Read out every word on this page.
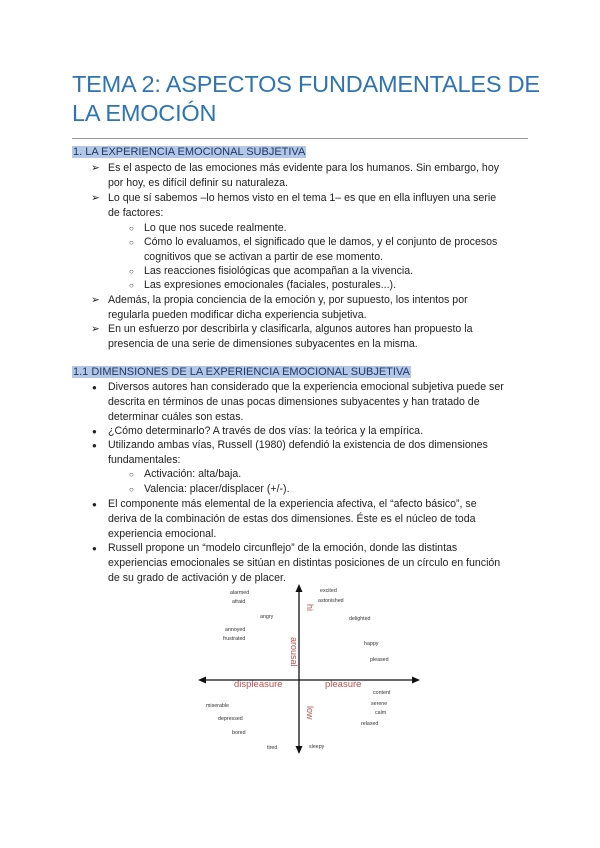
TEMA 2: ASPECTOS FUNDAMENTALES DE
LA EMOCIÓN
1. LA EXPERIENCIA EMOCIONAL SUBJETIVA
➢ Es el aspecto de las emociones más evidente para los humanos. Sin embargo, hoy
por hoy, es difícil definir su naturaleza.
➢ Lo que sí sabemos –lo hemos visto en el tema 1– es que en ella influyen una serie
de factores:
○ Lo que nos sucede realmente.
○ Cómo lo evaluamos, el significado que le damos, y el conjunto de procesos
cognitivos que se activan a partir de ese momento.
○ Las reacciones fisiológicas que acompañan a la vivencia.
○ Las expresiones emocionales (faciales, posturales...).
➢ Además, la propia conciencia de la emoción y, por supuesto, los intentos por
regularla pueden modificar dicha experiencia subjetiva.
➢ En un esfuerzo por describirla y clasificarla, algunos autores han propuesto la
presencia de una serie de dimensiones subyacentes en la misma.
1.1 DIMENSIONES DE LA EXPERIENCIA EMOCIONAL SUBJETIVA
● Diversos autores han considerado que la experiencia emocional subjetiva puede ser
descrita en términos de unas pocas dimensiones subyacentes y han tratado de
determinar cuáles son estas.
● ¿Cómo determinarlo? A través de dos vías: la teórica y la empírica.
● Utilizando ambas vías, Russell (1980) defendió la existencia de dos dimensiones
fundamentales:
○ Activación: alta/baja.
○ Valencia: placer/displacer (+/-).
● El componente más elemental de la experiencia afectiva, el “afecto básico”, se
deriva de la combinación de estas dos dimensiones. Éste es el núcleo de toda
experiencia emocional.
● Russell propone un “modelo circunflejo” de la emoción, donde las distintas
experiencias emocionales se sitúan en distintas posiciones de un círculo en función
de su grado de activación y de placer.
displeasure	pleasure
arousal
hi
low
alarmed
afraid
angry
annoyed
frustrated
miserable
depressed
bored
tired
excited
astonished
delighted
happy
pleased
content
serene
calm
relaxed
sleepy
